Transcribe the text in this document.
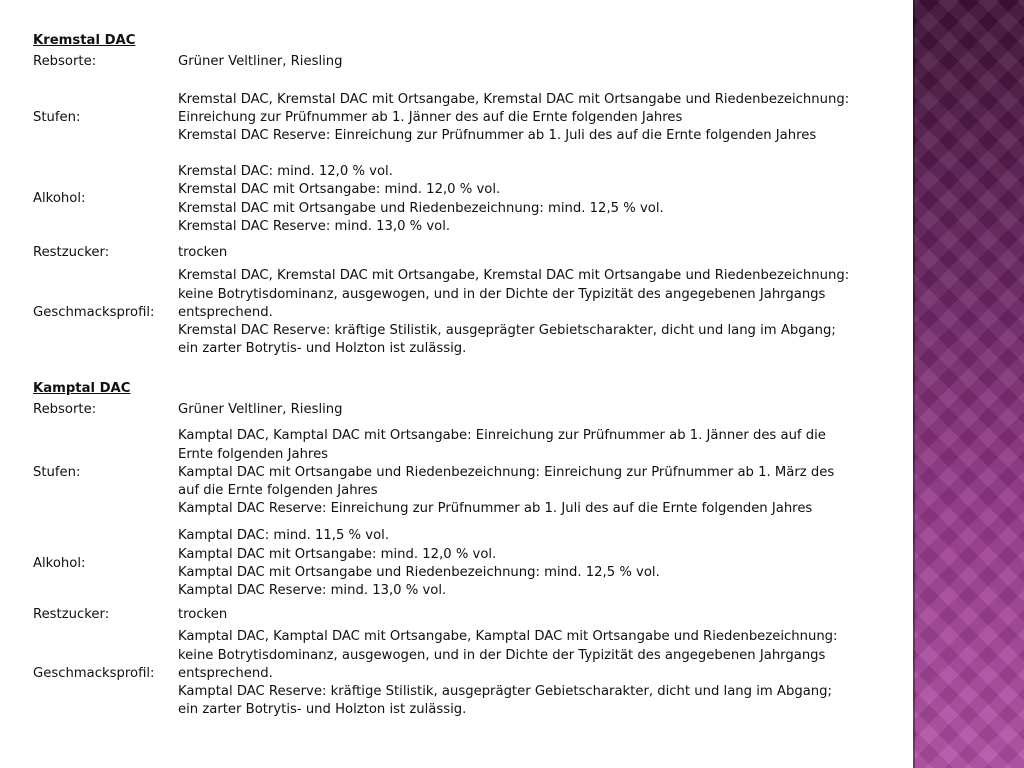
Kremstal DAC
Rebsorte:	Grüner Veltliner, Riesling
Stufen:
Kremstal DAC, Kremstal DAC mit Ortsangabe, Kremstal DAC mit Ortsangabe und Riedenbezeichnung:
Einreichung zur Prüfnummer ab 1. Jänner des auf die Ernte folgenden Jahres
Kremstal DAC Reserve: Einreichung zur Prüfnummer ab 1. Juli des auf die Ernte folgenden Jahres
Alkohol:
Kremstal DAC: mind. 12,0 % vol.
Kremstal DAC mit Ortsangabe: mind. 12,0 % vol.
Kremstal DAC mit Ortsangabe und Riedenbezeichnung: mind. 12,5 % vol.
Kremstal DAC Reserve: mind. 13,0 % vol.
Restzucker:	trocken
Geschmacksprofil:
Kremstal DAC, Kremstal DAC mit Ortsangabe, Kremstal DAC mit Ortsangabe und Riedenbezeichnung:
keine Botrytisdominanz, ausgewogen, und in der Dichte der Typizität des angegebenen Jahrgangs
entsprechend.
Kremstal DAC Reserve: kräftige Stilistik, ausgeprägter Gebietscharakter, dicht und lang im Abgang;
ein zarter Botrytis- und Holzton ist zulässig.
Kamptal DAC
Rebsorte:	Grüner Veltliner, Riesling
Stufen:
Kamptal DAC, Kamptal DAC mit Ortsangabe: Einreichung zur Prüfnummer ab 1. Jänner des auf die
Ernte folgenden Jahres
Kamptal DAC mit Ortsangabe und Riedenbezeichnung: Einreichung zur Prüfnummer ab 1. März des
auf die Ernte folgenden Jahres
Kamptal DAC Reserve: Einreichung zur Prüfnummer ab 1. Juli des auf die Ernte folgenden Jahres
Alkohol:
Kamptal DAC: mind. 11,5 % vol.
Kamptal DAC mit Ortsangabe: mind. 12,0 % vol.
Kamptal DAC mit Ortsangabe und Riedenbezeichnung: mind. 12,5 % vol.
Kamptal DAC Reserve: mind. 13,0 % vol.
Restzucker:	trocken
Geschmacksprofil:
Kamptal DAC, Kamptal DAC mit Ortsangabe, Kamptal DAC mit Ortsangabe und Riedenbezeichnung:
keine Botrytisdominanz, ausgewogen, und in der Dichte der Typizität des angegebenen Jahrgangs
entsprechend.
Kamptal DAC Reserve: kräftige Stilistik, ausgeprägter Gebietscharakter, dicht und lang im Abgang;
ein zarter Botrytis- und Holzton ist zulässig.
